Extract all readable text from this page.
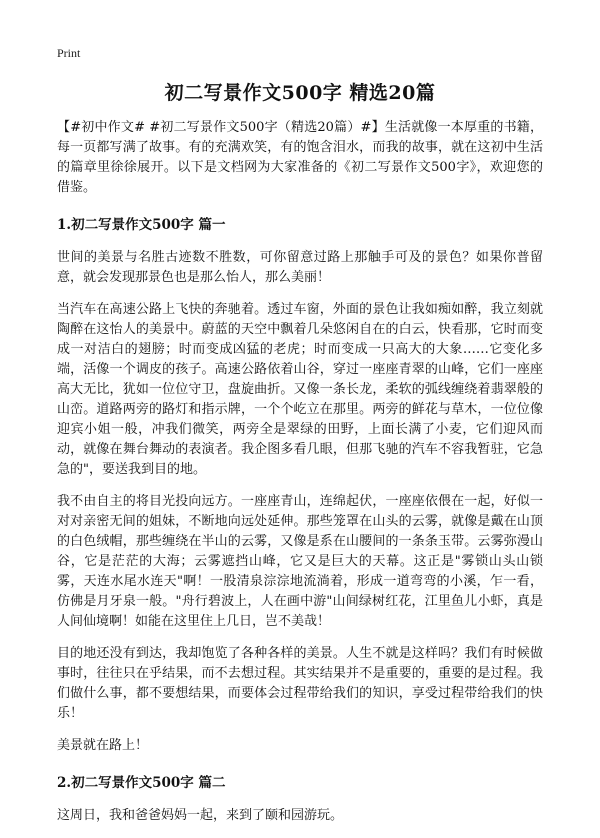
Print
初二写景作文500字 精选20篇

【#初中作文# #初二写景作文500字（精选20篇）#】生活就像一本厚重的书籍，每一页都写满了故事。有的充满欢笑，有的饱含泪水，而我的故事，就在这初中生活的篇章里徐徐展开。以下是文档网为大家准备的《初二写景作文500字》，欢迎您的借鉴。

1.初二写景作文500字 篇一

世间的美景与名胜古迹数不胜数，可你留意过路上那触手可及的景色？如果你普留意，就会发现那景色也是那么怡人，那么美丽！

当汽车在高速公路上飞快的奔驰着。透过车窗，外面的景色让我如痴如醉，我立刻就陶醉在这怡人的美景中。蔚蓝的天空中飘着几朵悠闲自在的白云，快看那，它时而变成一对洁白的翅膀；时而变成凶猛的老虎；时而变成一只高大的大象……它变化多端，活像一个调皮的孩子。高速公路依着山谷，穿过一座座青翠的山峰，它们一座座高大无比，犹如一位位守卫，盘旋曲折。又像一条长龙，柔软的弧线缠绕着翡翠般的山峦。道路两旁的路灯和指示牌，一个个屹立在那里。两旁的鲜花与草木，一位位像迎宾小姐一般，冲我们微笑，两旁全是翠绿的田野，上面长满了小麦，它们迎风而动，就像在舞台舞动的表演者。我企图多看几眼，但那飞驰的汽车不容我暂驻，它急急的"，要送我到目的地。

我不由自主的将目光投向远方。一座座青山，连绵起伏，一座座依偎在一起，好似一对对亲密无间的姐妹，不断地向远处延伸。那些笼罩在山头的云雾，就像是戴在山顶的白色绒帽，那些缠绕在半山的云雾，又像是系在山腰间的一条条玉带。云雾弥漫山谷，它是茫茫的大海；云雾遮挡山峰，它又是巨大的天幕。这正是"雾锁山头山锁雾，天连水尾水连天"啊！一股清泉淙淙地流淌着，形成一道弯弯的小溪，乍一看，仿佛是月牙泉一般。"舟行碧波上，人在画中游"山间绿树红花，江里鱼儿小虾，真是人间仙境啊！如能在这里住上几日，岂不美哉！

目的地还没有到达，我却饱览了各种各样的美景。人生不就是这样吗？我们有时候做事时，往往只在乎结果，而不去想过程。其实结果并不是重要的，重要的是过程。我们做什么事，都不要想结果，而要体会过程带给我们的知识，享受过程带给我们的快乐！

美景就在路上！

2.初二写景作文500字 篇二

这周日，我和爸爸妈妈一起，来到了颐和园游玩。
